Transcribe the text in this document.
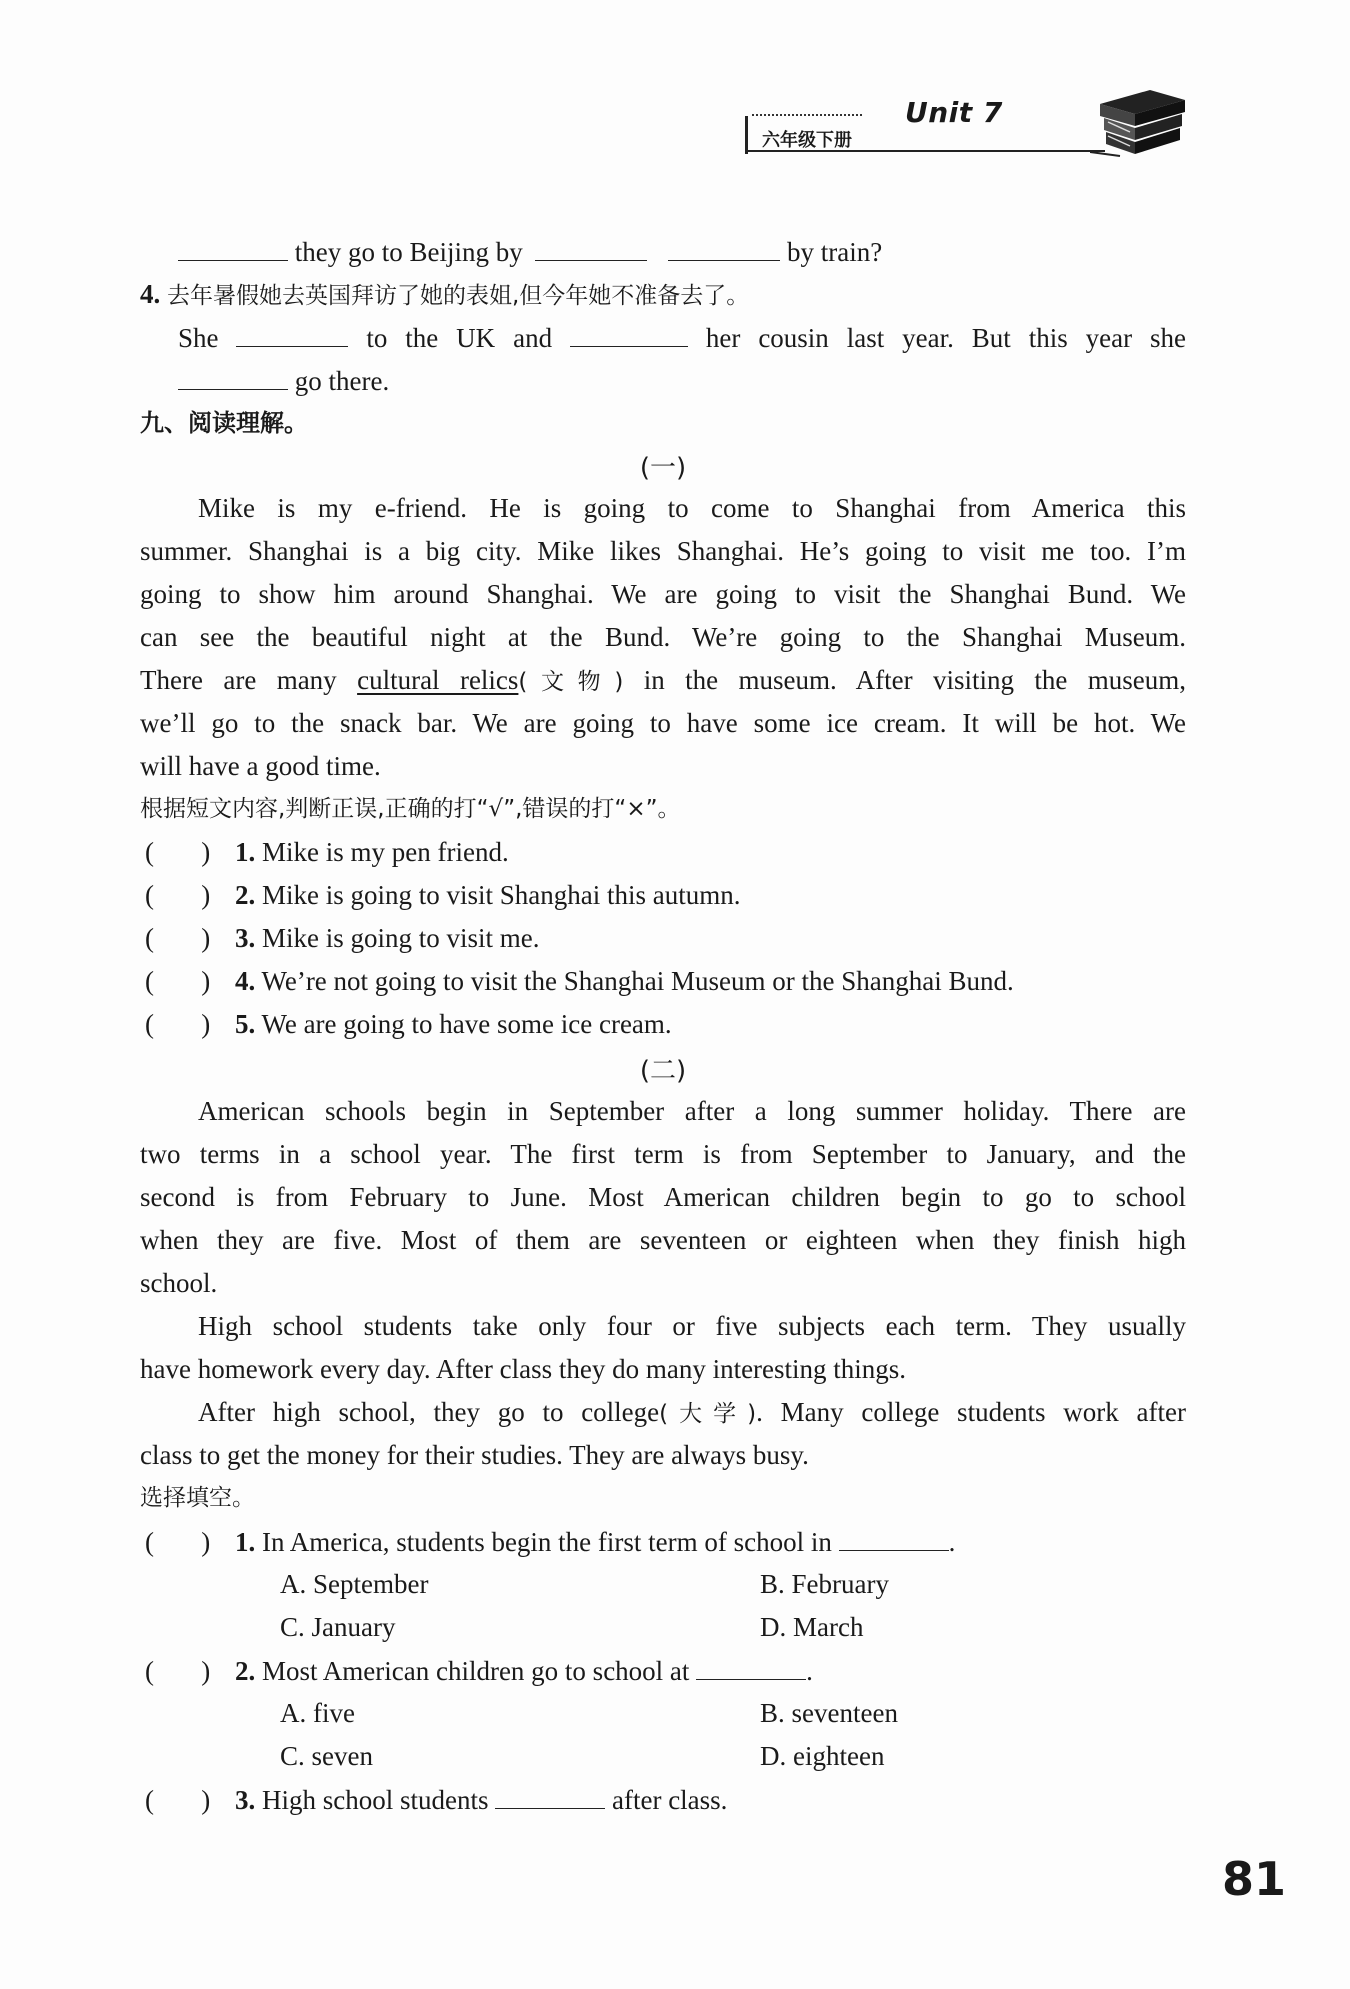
Unit 7
六年级下册
they go to Beijing by	by train?
4. 去年暑假她去英国拜访了她的表姐,但今年她不准备去了。
She	to the UK and	her cousin last year. But this year she
go there.
九、阅读理解。
(一)
Mike is my e-friend. He is going to come to Shanghai from America this
summer. Shanghai is a big city. Mike likes Shanghai. He’s going to visit me too. I’m
going to show him around Shanghai. We are going to visit the Shanghai Bund. We
can see the beautiful night at the Bund. We’re going to the Shanghai Museum.
There are many cultural relics(文物) in the museum. After visiting the museum,
we’ll go to the snack bar. We are going to have some ice cream. It will be hot. We
will have a good time.
根据短文内容,判断正误,正确的打“√”,错误的打“×”。
(       ) 1. Mike is my pen friend.
(       ) 2. Mike is going to visit Shanghai this autumn.
(       ) 3. Mike is going to visit me.
(       ) 4. We’re not going to visit the Shanghai Museum or the Shanghai Bund.
(       ) 5. We are going to have some ice cream.
(二)
American schools begin in September after a long summer holiday. There are
two terms in a school year. The first term is from September to January, and the
second is from February to June. Most American children begin to go to school
when they are five. Most of them are seventeen or eighteen when they finish high
school.
High school students take only four or five subjects each term. They usually
have homework every day. After class they do many interesting things.
After high school, they go to college(大学). Many college students work after
class to get the money for their studies. They are always busy.
选择填空。
(       ) 1. In America, students begin the first term of school in	.
A. September	B. February
C. January	D. March
(       ) 2. Most American children go to school at	.
A. five	B. seventeen
C. seven	D. eighteen
(       ) 3. High school students	after class.
81
